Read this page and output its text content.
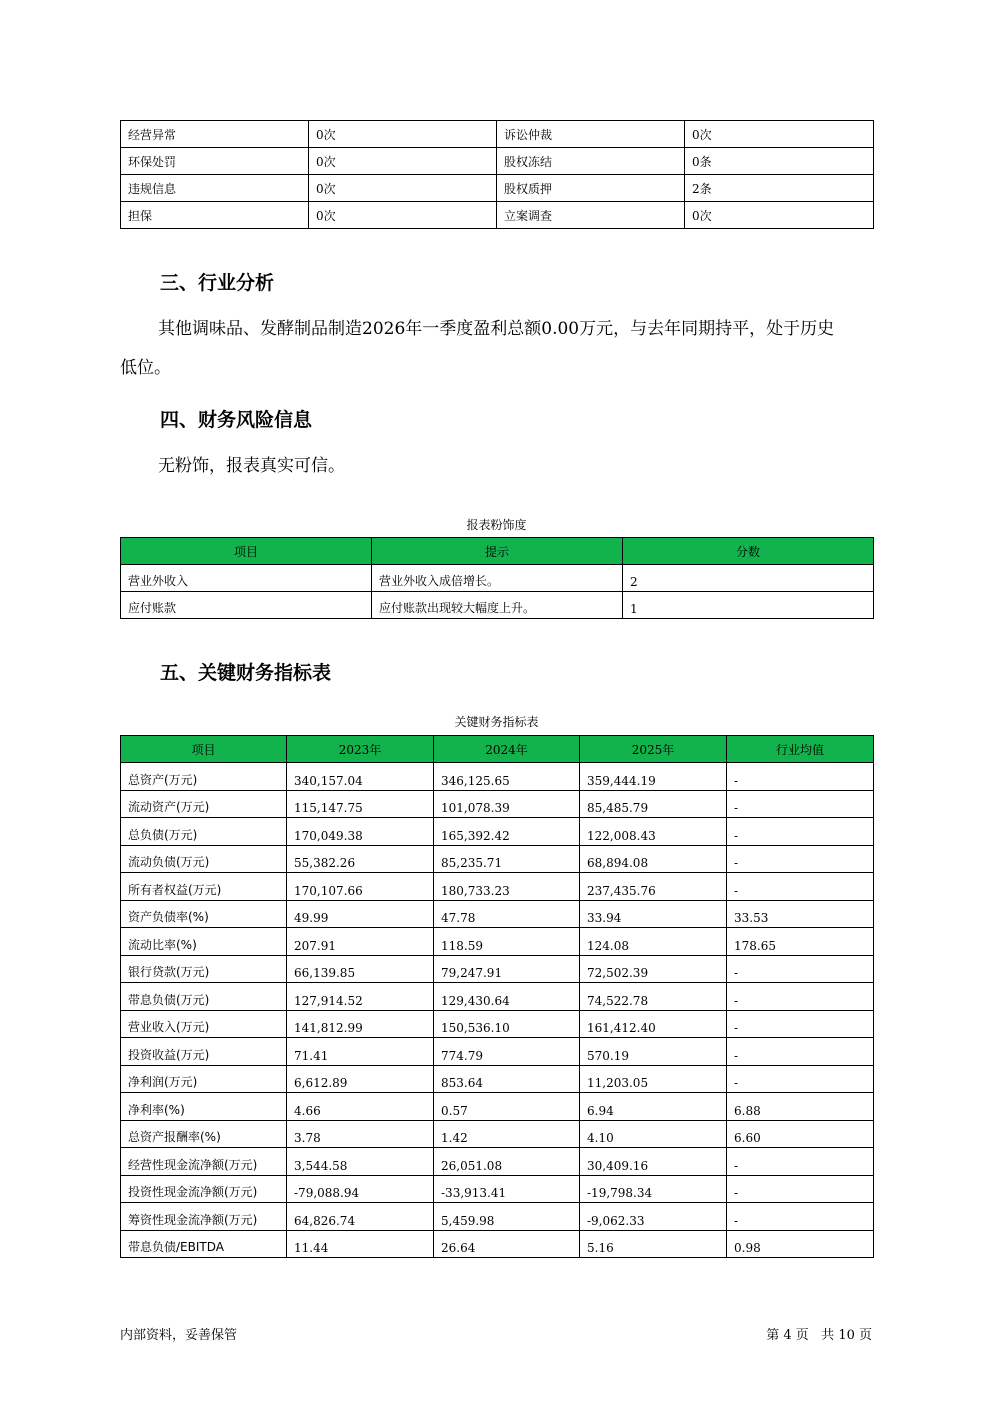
经营异常	0次	诉讼仲裁	0次
环保处罚	0次	股权冻结	0条
违规信息	0次	股权质押	2条
担保	0次	立案调查	0次
三、行业分析
其他调味品、发酵制品制造2026年一季度盈利总额0.00万元，与去年同期持平，处于历史
低位。
四、财务风险信息
无粉饰，报表真实可信。
报表粉饰度
项目	提示	分数
营业外收入	营业外收入成倍增长。	2
应付账款	应付账款出现较大幅度上升。	1
五、关键财务指标表
关键财务指标表
项目	2023年	2024年	2025年	行业均值
总资产(万元)	340,157.04	346,125.65	359,444.19	-
流动资产(万元)	115,147.75	101,078.39	85,485.79	-
总负债(万元)	170,049.38	165,392.42	122,008.43	-
流动负债(万元)	55,382.26	85,235.71	68,894.08	-
所有者权益(万元)	170,107.66	180,733.23	237,435.76	-
资产负债率(%)	49.99	47.78	33.94	33.53
流动比率(%)	207.91	118.59	124.08	178.65
银行贷款(万元)	66,139.85	79,247.91	72,502.39	-
带息负债(万元)	127,914.52	129,430.64	74,522.78	-
营业收入(万元)	141,812.99	150,536.10	161,412.40	-
投资收益(万元)	71.41	774.79	570.19	-
净利润(万元)	6,612.89	853.64	11,203.05	-
净利率(%)	4.66	0.57	6.94	6.88
总资产报酬率(%)	3.78	1.42	4.10	6.60
经营性现金流净额(万元)	3,544.58	26,051.08	30,409.16	-
投资性现金流净额(万元)	-79,088.94	-33,913.41	-19,798.34	-
筹资性现金流净额(万元)	64,826.74	5,459.98	-9,062.33	-
带息负债/EBITDA	11.44	26.64	5.16	0.98
内部资料，妥善保管	第 4 页   共 10 页
